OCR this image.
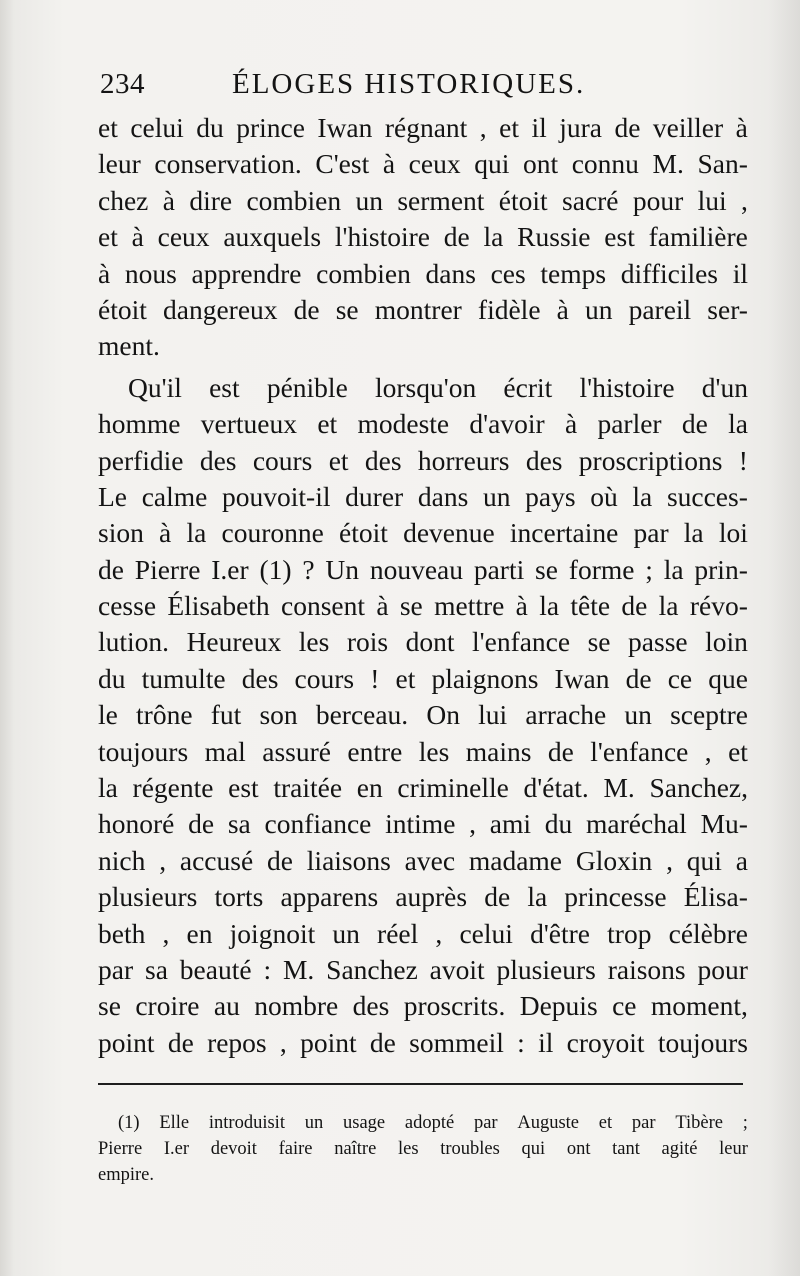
234	ÉLOGES HISTORIQUES.
et celui du prince Iwan régnant , et il jura de veiller à
leur conservation. C'est à ceux qui ont connu M. San-
chez à dire combien un serment étoit sacré pour lui ,
et à ceux auxquels l'histoire de la Russie est familière
à nous apprendre combien dans ces temps difficiles il
étoit dangereux de se montrer fidèle à un pareil ser-
ment.
Qu'il est pénible lorsqu'on écrit l'histoire d'un
homme vertueux et modeste d'avoir à parler de la
perfidie des cours et des horreurs des proscriptions !
Le calme pouvoit-il durer dans un pays où la succes-
sion à la couronne étoit devenue incertaine par la loi
de Pierre I.er (1) ? Un nouveau parti se forme ; la prin-
cesse Élisabeth consent à se mettre à la tête de la révo-
lution. Heureux les rois dont l'enfance se passe loin
du tumulte des cours ! et plaignons Iwan de ce que
le trône fut son berceau. On lui arrache un sceptre
toujours mal assuré entre les mains de l'enfance , et
la régente est traitée en criminelle d'état. M. Sanchez,
honoré de sa confiance intime , ami du maréchal Mu-
nich , accusé de liaisons avec madame Gloxin , qui a
plusieurs torts apparens auprès de la princesse Élisa-
beth , en joignoit un réel , celui d'être trop célèbre
par sa beauté : M. Sanchez avoit plusieurs raisons pour
se croire au nombre des proscrits. Depuis ce moment,
point de repos , point de sommeil : il croyoit toujours
(1) Elle introduisit un usage adopté par Auguste et par Tibère ;
Pierre I.er devoit faire naître les troubles qui ont tant agité leur
empire.
